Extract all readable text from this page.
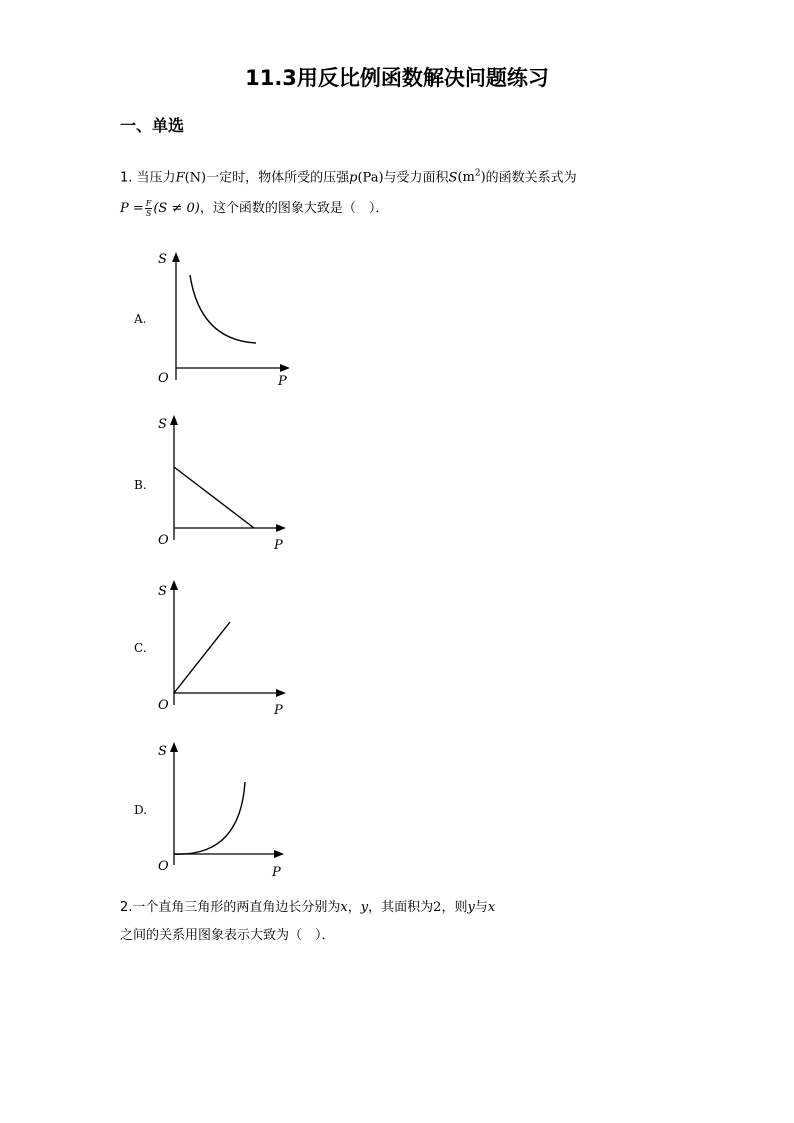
11.3用反比例函数解决问题练习
一、单选
1. 当压力F(N)一定时，物体所受的压强p(Pa)与受力面积$S(m^2)$的函数关系式为
$P = \frac{F}{S} (S \ne 0)$，这个函数的图象大致是（　）．
A.
S
O	P
B.
S
O	P
C.
S
O	P
D.
S
O	P
2.一个直角三角形的两直角边长分别为x，y，其面积为2，则y与x
之间的关系用图象表示大致为（　）．
